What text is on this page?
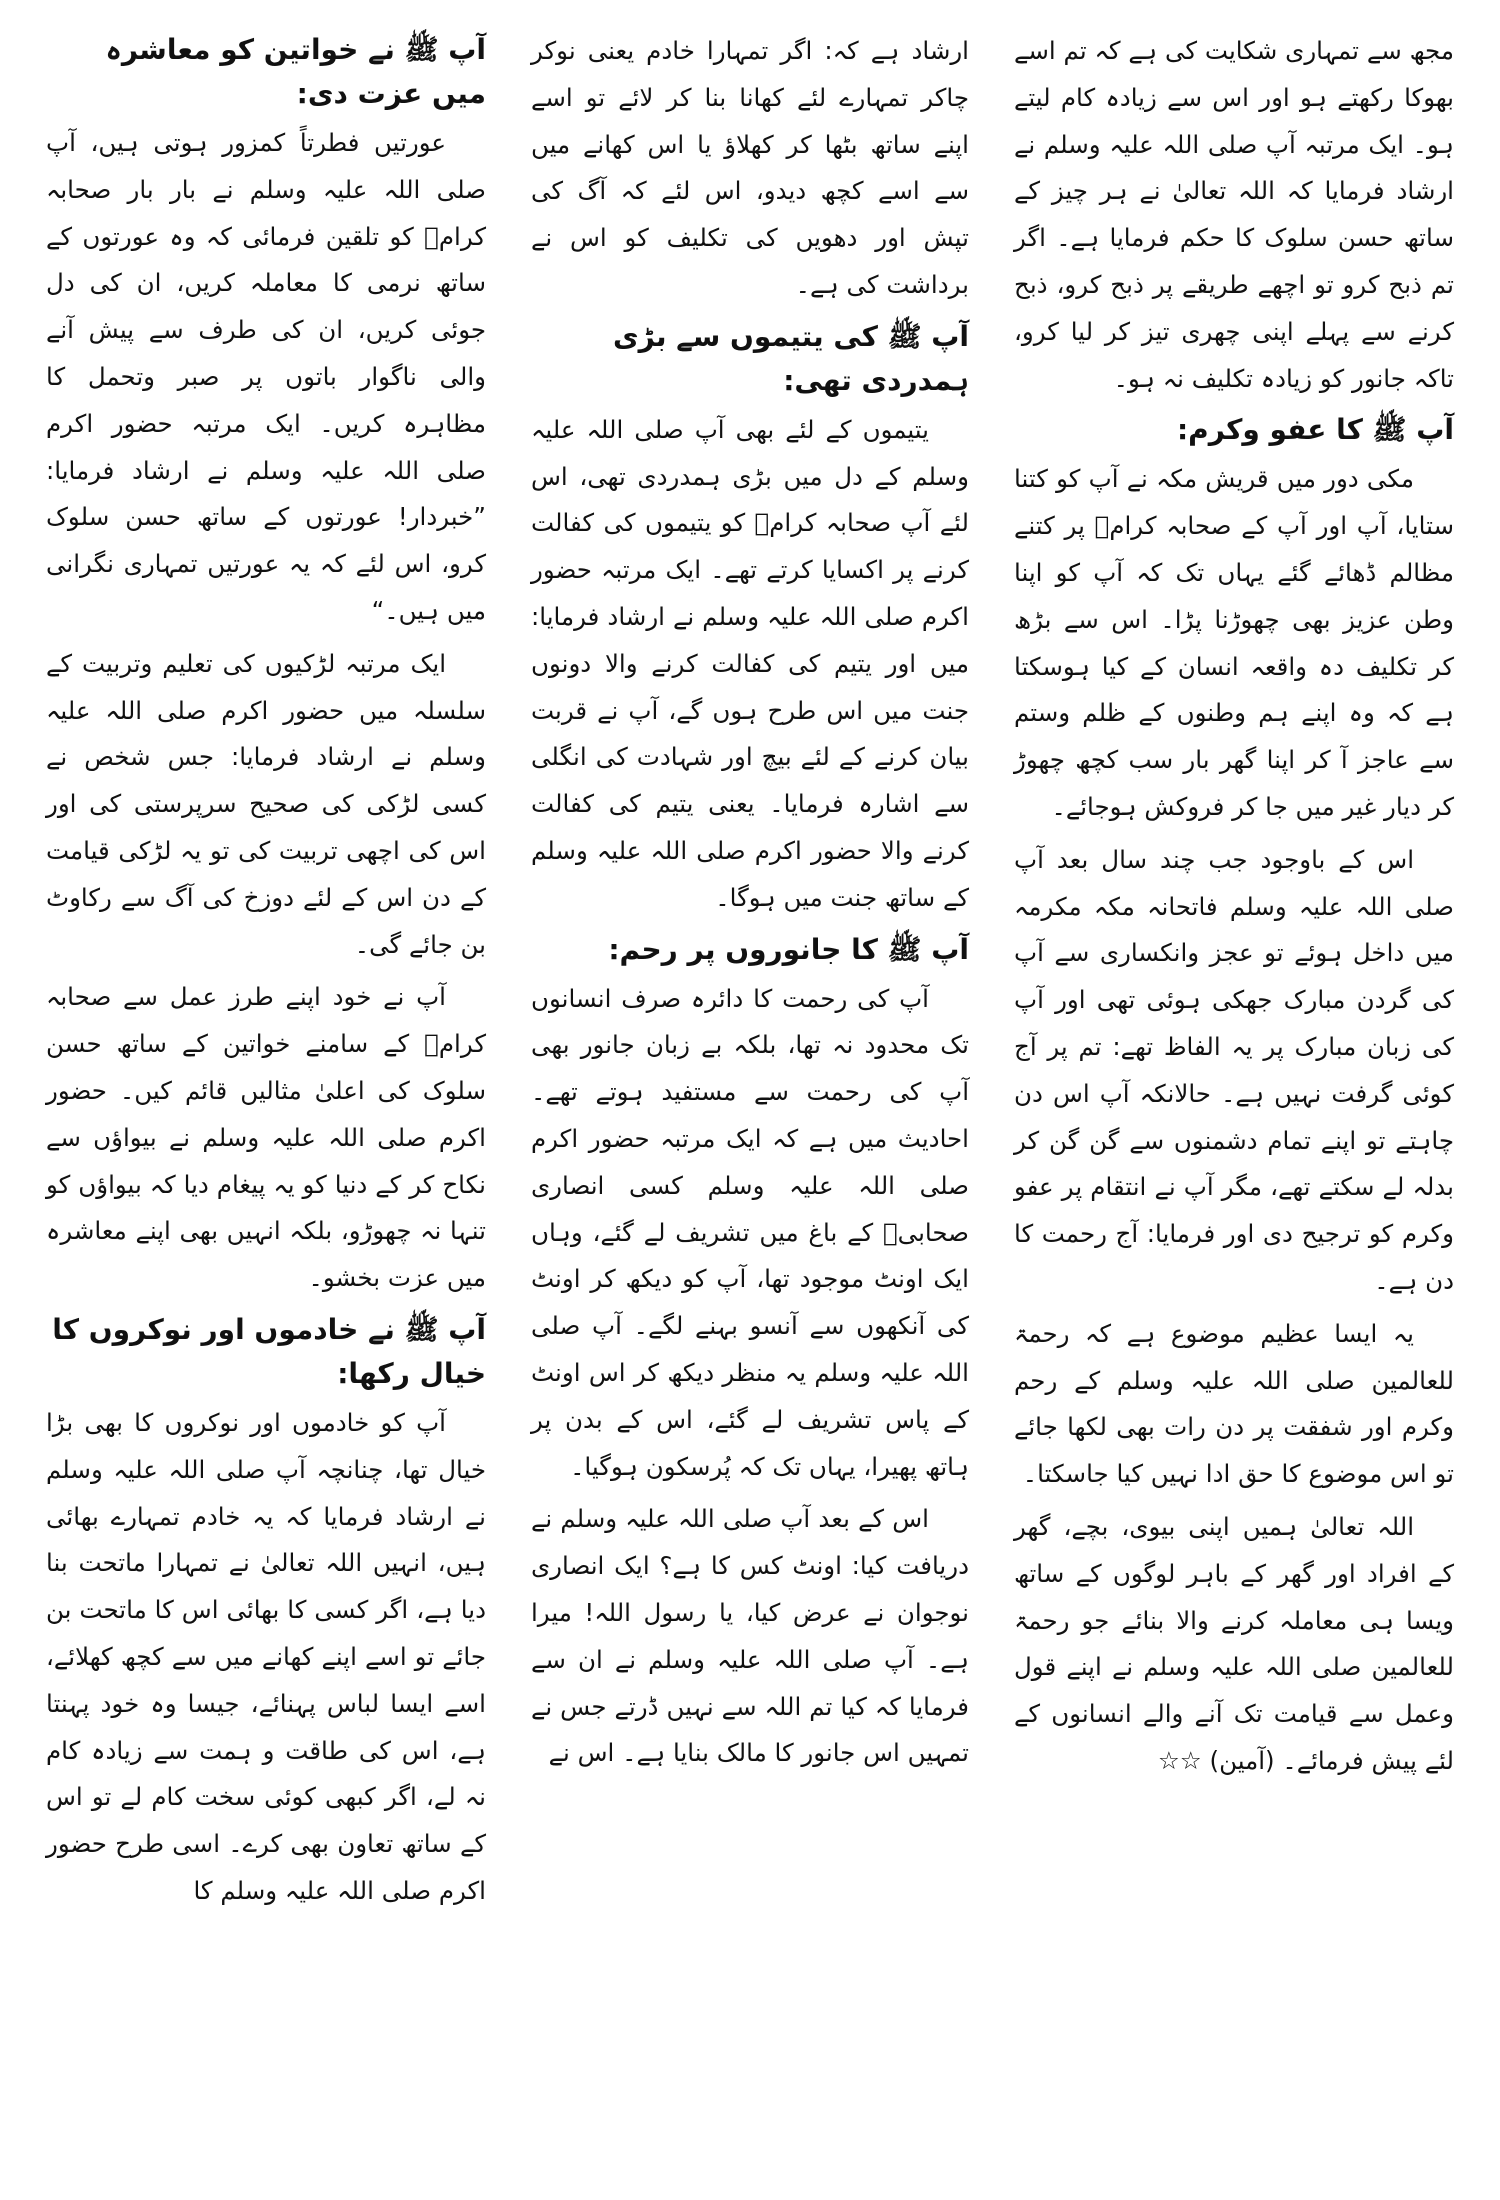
آپ ﷺ نے خواتین کو معاشرہ میں عزت دی:

عورتیں فطرتاً کمزور ہوتی ہیں، آپ صلی اللہ علیہ وسلم نے بار بار صحابہ کرامؓ کو تلقین فرمائی کہ وہ عورتوں کے ساتھ نرمی کا معاملہ کریں، ان کی دل جوئی کریں، ان کی طرف سے پیش آنے والی ناگوار باتوں پر صبر وتحمل کا مظاہرہ کریں۔ ایک مرتبہ حضور اکرم صلی اللہ علیہ وسلم نے ارشاد فرمایا: ”خبردار! عورتوں کے ساتھ حسن سلوک کرو، اس لئے کہ یہ عورتیں تمہاری نگرانی میں ہیں۔“

ایک مرتبہ لڑکیوں کی تعلیم وتربیت کے سلسلہ میں حضور اکرم صلی اللہ علیہ وسلم نے ارشاد فرمایا: جس شخص نے کسی لڑکی کی صحیح سرپرستی کی اور اس کی اچھی تربیت کی تو یہ لڑکی قیامت کے دن اس کے لئے دوزخ کی آگ سے رکاوٹ بن جائے گی۔

آپ نے خود اپنے طرز عمل سے صحابہ کرامؓ کے سامنے خواتین کے ساتھ حسن سلوک کی اعلیٰ مثالیں قائم کیں۔ حضور اکرم صلی اللہ علیہ وسلم نے بیواؤں سے نکاح کر کے دنیا کو یہ پیغام دیا کہ بیواؤں کو تنہا نہ چھوڑو، بلکہ انہیں بھی اپنے معاشرہ میں عزت بخشو۔

آپ ﷺ نے خادموں اور نوکروں کا خیال رکھا:

آپ کو خادموں اور نوکروں کا بھی بڑا خیال تھا، چنانچہ آپ صلی اللہ علیہ وسلم نے ارشاد فرمایا کہ یہ خادم تمہارے بھائی ہیں، انہیں اللہ تعالیٰ نے تمہارا ماتحت بنا دیا ہے، اگر کسی کا بھائی اس کا ماتحت بن جائے تو اسے اپنے کھانے میں سے کچھ کھلائے، اسے ایسا لباس پہنائے، جیسا وہ خود پہنتا ہے، اس کی طاقت و ہمت سے زیادہ کام نہ لے، اگر کبھی کوئی سخت کام لے تو اس کے ساتھ تعاون بھی کرے۔ اسی طرح حضور اکرم صلی اللہ علیہ وسلم کا

ارشاد ہے کہ: اگر تمہارا خادم یعنی نوکر چاکر تمہارے لئے کھانا بنا کر لائے تو اسے اپنے ساتھ بٹھا کر کھلاؤ یا اس کھانے میں سے اسے کچھ دیدو، اس لئے کہ آگ کی تپش اور دھویں کی تکلیف کو اس نے برداشت کی ہے۔

آپ ﷺ کی یتیموں سے بڑی ہمدردی تھی:

یتیموں کے لئے بھی آپ صلی اللہ علیہ وسلم کے دل میں بڑی ہمدردی تھی، اس لئے آپ صحابہ کرامؓ کو یتیموں کی کفالت کرنے پر اکسایا کرتے تھے۔ ایک مرتبہ حضور اکرم صلی اللہ علیہ وسلم نے ارشاد فرمایا: میں اور یتیم کی کفالت کرنے والا دونوں جنت میں اس طرح ہوں گے، آپ نے قربت بیان کرنے کے لئے بیچ اور شہادت کی انگلی سے اشارہ فرمایا۔ یعنی یتیم کی کفالت کرنے والا حضور اکرم صلی اللہ علیہ وسلم کے ساتھ جنت میں ہوگا۔

آپ ﷺ کا جانوروں پر رحم:

آپ کی رحمت کا دائرہ صرف انسانوں تک محدود نہ تھا، بلکہ بے زبان جانور بھی آپ کی رحمت سے مستفید ہوتے تھے۔ احادیث میں ہے کہ ایک مرتبہ حضور اکرم صلی اللہ علیہ وسلم کسی انصاری صحابیؓ کے باغ میں تشریف لے گئے، وہاں ایک اونٹ موجود تھا، آپ کو دیکھ کر اونٹ کی آنکھوں سے آنسو بہنے لگے۔ آپ صلی اللہ علیہ وسلم یہ منظر دیکھ کر اس اونٹ کے پاس تشریف لے گئے، اس کے بدن پر ہاتھ پھیرا، یہاں تک کہ پُرسکون ہوگیا۔

اس کے بعد آپ صلی اللہ علیہ وسلم نے دریافت کیا: اونٹ کس کا ہے؟ ایک انصاری نوجوان نے عرض کیا، یا رسول اللہ! میرا ہے۔ آپ صلی اللہ علیہ وسلم نے ان سے فرمایا کہ کیا تم اللہ سے نہیں ڈرتے جس نے تمہیں اس جانور کا مالک بنایا ہے۔ اس نے

مجھ سے تمہاری شکایت کی ہے کہ تم اسے بھوکا رکھتے ہو اور اس سے زیادہ کام لیتے ہو۔ ایک مرتبہ آپ صلی اللہ علیہ وسلم نے ارشاد فرمایا کہ اللہ تعالیٰ نے ہر چیز کے ساتھ حسن سلوک کا حکم فرمایا ہے۔ اگر تم ذبح کرو تو اچھے طریقے پر ذبح کرو، ذبح کرنے سے پہلے اپنی چھری تیز کر لیا کرو، تاکہ جانور کو زیادہ تکلیف نہ ہو۔

آپ ﷺ کا عفو وکرم:

مکی دور میں قریش مکہ نے آپ کو کتنا ستایا، آپ اور آپ کے صحابہ کرامؓ پر کتنے مظالم ڈھائے گئے یہاں تک کہ آپ کو اپنا وطن عزیز بھی چھوڑنا پڑا۔ اس سے بڑھ کر تکلیف دہ واقعہ انسان کے کیا ہوسکتا ہے کہ وہ اپنے ہم وطنوں کے ظلم وستم سے عاجز آ کر اپنا گھر بار سب کچھ چھوڑ کر دیار غیر میں جا کر فروکش ہوجائے۔

اس کے باوجود جب چند سال بعد آپ صلی اللہ علیہ وسلم فاتحانہ مکہ مکرمہ میں داخل ہوئے تو عجز وانکساری سے آپ کی گردن مبارک جھکی ہوئی تھی اور آپ کی زبان مبارک پر یہ الفاظ تھے: تم پر آج کوئی گرفت نہیں ہے۔ حالانکہ آپ اس دن چاہتے تو اپنے تمام دشمنوں سے گن گن کر بدلہ لے سکتے تھے، مگر آپ نے انتقام پر عفو وکرم کو ترجیح دی اور فرمایا: آج رحمت کا دن ہے۔

یہ ایسا عظیم موضوع ہے کہ رحمۃ للعالمین صلی اللہ علیہ وسلم کے رحم وکرم اور شفقت پر دن رات بھی لکھا جائے تو اس موضوع کا حق ادا نہیں کیا جاسکتا۔

اللہ تعالیٰ ہمیں اپنی بیوی، بچے، گھر کے افراد اور گھر کے باہر لوگوں کے ساتھ ویسا ہی معاملہ کرنے والا بنائے جو رحمۃ للعالمین صلی اللہ علیہ وسلم نے اپنے قول وعمل سے قیامت تک آنے والے انسانوں کے لئے پیش فرمائے۔ (آمین) ☆☆
